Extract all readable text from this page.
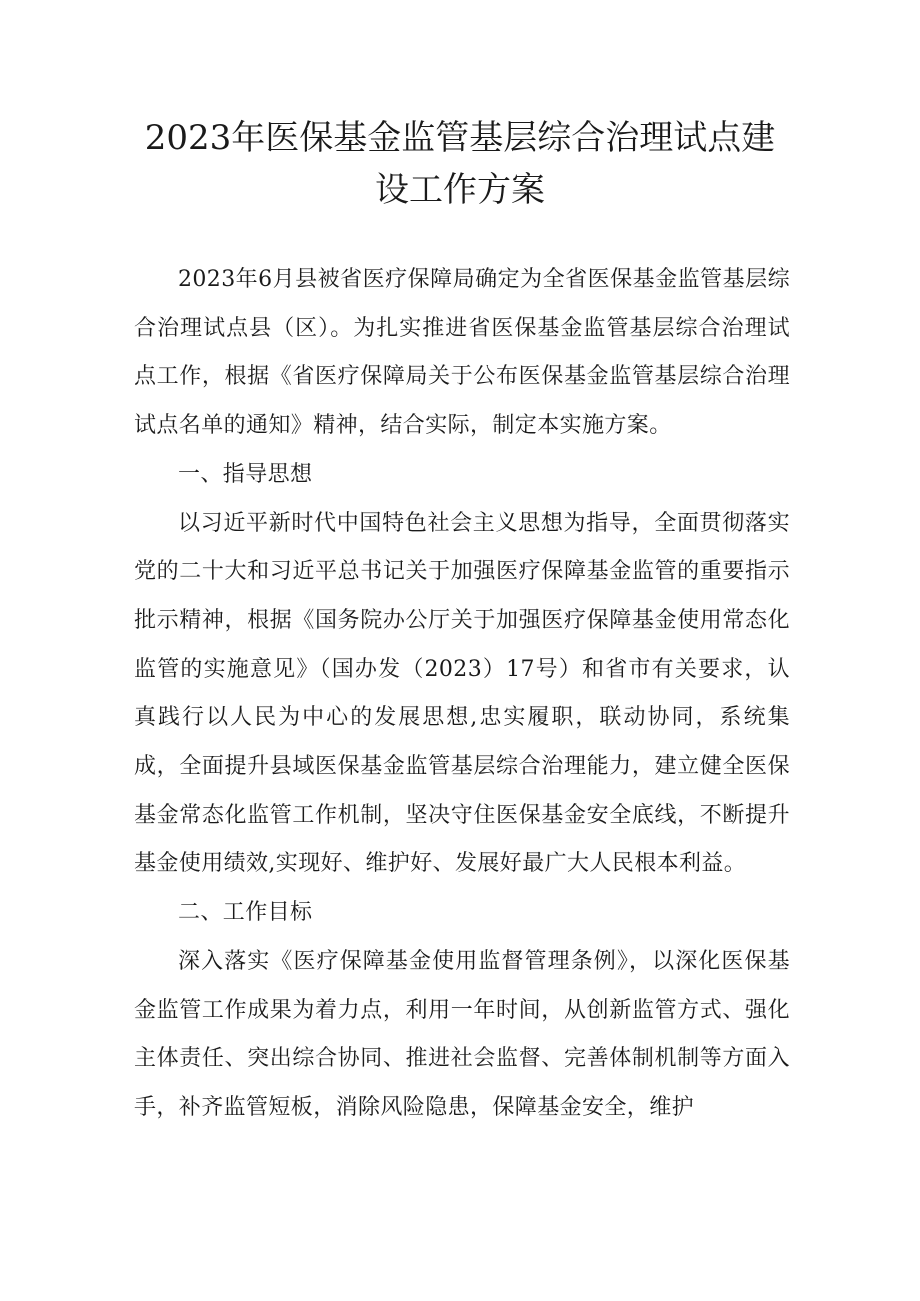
2023年医保基金监管基层综合治理试点建设工作方案

2023年6月县被省医疗保障局确定为全省医保基金监管基层综合治理试点县（区）。为扎实推进省医保基金监管基层综合治理试点工作，根据《省医疗保障局关于公布医保基金监管基层综合治理试点名单的通知》精神，结合实际，制定本实施方案。

一、指导思想

以习近平新时代中国特色社会主义思想为指导，全面贯彻落实党的二十大和习近平总书记关于加强医疗保障基金监管的重要指示批示精神，根据《国务院办公厅关于加强医疗保障基金使用常态化监管的实施意见》（国办发（2023）17号）和省市有关要求，认真践行以人民为中心的发展思想,忠实履职，联动协同，系统集成，全面提升县域医保基金监管基层综合治理能力，建立健全医保基金常态化监管工作机制，坚决守住医保基金安全底线，不断提升基金使用绩效,实现好、维护好、发展好最广大人民根本利益。

二、工作目标

深入落实《医疗保障基金使用监督管理条例》，以深化医保基金监管工作成果为着力点，利用一年时间，从创新监管方式、强化主体责任、突出综合协同、推进社会监督、完善体制机制等方面入手，补齐监管短板，消除风险隐患，保障基金安全，维护
